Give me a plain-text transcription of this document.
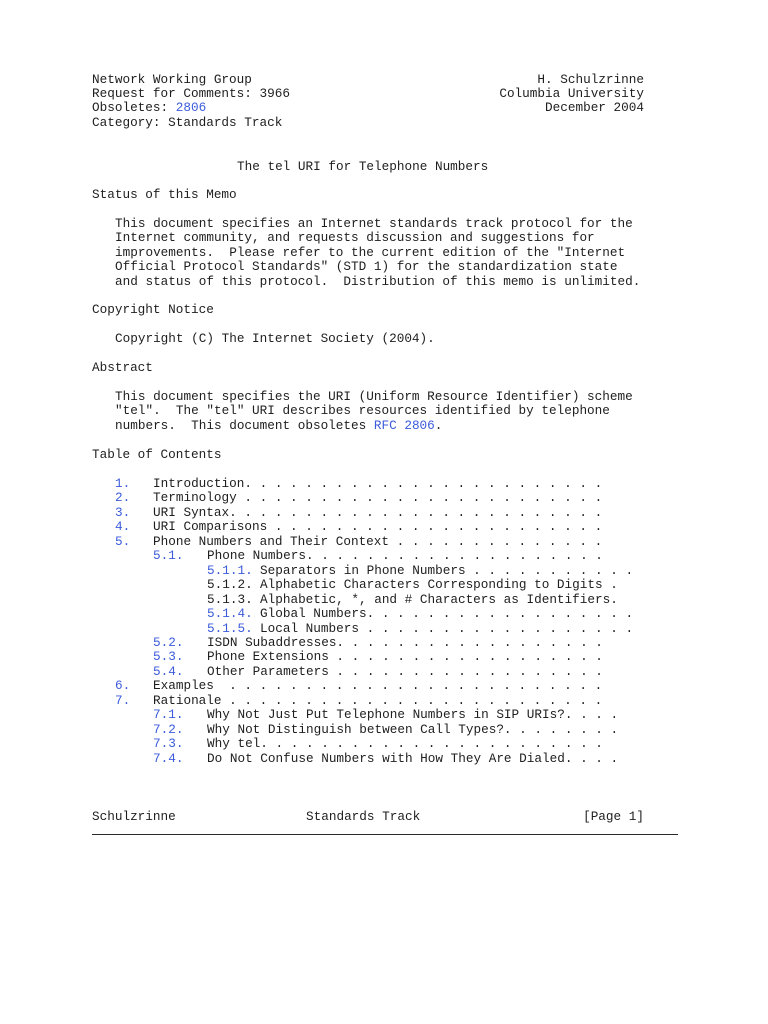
Network Working Group
Request for Comments: 3966
Obsoletes: 2806
Category: Standards Track
H. Schulzrinne
Columbia University
December 2004
The tel URI for Telephone Numbers
Status of this Memo
This document specifies an Internet standards track protocol for the
Internet community, and requests discussion and suggestions for
improvements.  Please refer to the current edition of the "Internet
Official Protocol Standards" (STD 1) for the standardization state
and status of this protocol.  Distribution of this memo is unlimited.
Copyright Notice
Copyright (C) The Internet Society (2004).
Abstract
This document specifies the URI (Uniform Resource Identifier) scheme
"tel".  The "tel" URI describes resources identified by telephone
numbers.  This document obsoletes RFC 2806.
Table of Contents
1. Introduction. . . . . . . . . . . . . . . . . . . . . . . .
2. Terminology . . . . . . . . . . . . . . . . . . . . . . . .
3. URI Syntax. . . . . . . . . . . . . . . . . . . . . . . . .
4. URI Comparisons . . . . . . . . . . . . . . . . . . . . . .
5. Phone Numbers and Their Context . . . . . . . . . . . . . .
5.1. Phone Numbers. . . . . . . . . . . . . . . . . . . .
5.1.1. Separators in Phone Numbers . . . . . . . . . . .
5.1.2. Alphabetic Characters Corresponding to Digits .
5.1.3. Alphabetic, *, and # Characters as Identifiers.
5.1.4. Global Numbers. . . . . . . . . . . . . . . . . .
5.1.5. Local Numbers . . . . . . . . . . . . . . . . . .
5.2. ISDN Subaddresses. . . . . . . . . . . . . . . . . .
5.3. Phone Extensions . . . . . . . . . . . . . . . . . .
5.4. Other Parameters . . . . . . . . . . . . . . . . . .
6. Examples  . . . . . . . . . . . . . . . . . . . . . . . . .
7. Rationale . . . . . . . . . . . . . . . . . . . . . . . . .
7.1. Why Not Just Put Telephone Numbers in SIP URIs?. . . .
7.2. Why Not Distinguish between Call Types?. . . . . . . .
7.3. Why tel. . . . . . . . . . . . . . . . . . . . . . .
7.4. Do Not Confuse Numbers with How They Are Dialed. . . .
Schulzrinne	Standards Track	[Page 1]
